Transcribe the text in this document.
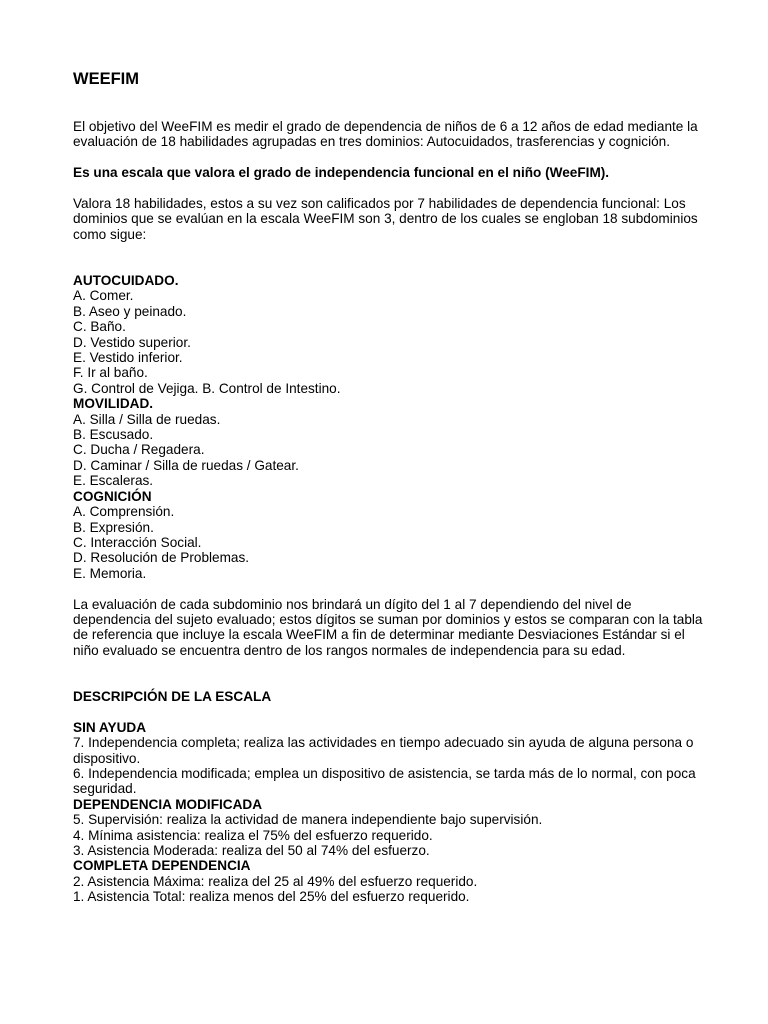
WEEFIM

El objetivo del WeeFIM es medir el grado de dependencia de niños de 6 a 12 años de edad mediante la evaluación de 18 habilidades agrupadas en tres dominios: Autocuidados, trasferencias y cognición.

Es una escala que valora el grado de independencia funcional en el niño (WeeFIM).

Valora 18 habilidades, estos a su vez son calificados por 7 habilidades de dependencia funcional: Los dominios que se evalúan en la escala WeeFIM son 3, dentro de los cuales se engloban 18 subdominios como sigue:

AUTOCUIDADO.
A. Comer.
B. Aseo y peinado.
C. Baño.
D. Vestido superior.
E. Vestido inferior.
F. Ir al baño.
G. Control de Vejiga. B. Control de Intestino.
MOVILIDAD.
A. Silla / Silla de ruedas.
B. Escusado.
C. Ducha / Regadera.
D. Caminar / Silla de ruedas / Gatear.
E. Escaleras.
COGNICIÓN
A. Comprensión.
B. Expresión.
C. Interacción Social.
D. Resolución de Problemas.
E. Memoria.

La evaluación de cada subdominio nos brindará un dígito del 1 al 7 dependiendo del nivel de dependencia del sujeto evaluado; estos dígitos se suman por dominios y estos se comparan con la tabla de referencia que incluye la escala WeeFIM a fin de determinar mediante Desviaciones Estándar si el niño evaluado se encuentra dentro de los rangos normales de independencia para su edad.

DESCRIPCIÓN DE LA ESCALA
SIN AYUDA
7. Independencia completa; realiza las actividades en tiempo adecuado sin ayuda de alguna persona o dispositivo.
6. Independencia modificada; emplea un dispositivo de asistencia, se tarda más de lo normal, con poca seguridad.
DEPENDENCIA MODIFICADA
5. Supervisión: realiza la actividad de manera independiente bajo supervisión.
4. Mínima asistencia: realiza el 75% del esfuerzo requerido.
3. Asistencia Moderada: realiza del 50 al 74% del esfuerzo.
COMPLETA DEPENDENCIA
2. Asistencia Máxima: realiza del 25 al 49% del esfuerzo requerido.
1. Asistencia Total: realiza menos del 25% del esfuerzo requerido.
